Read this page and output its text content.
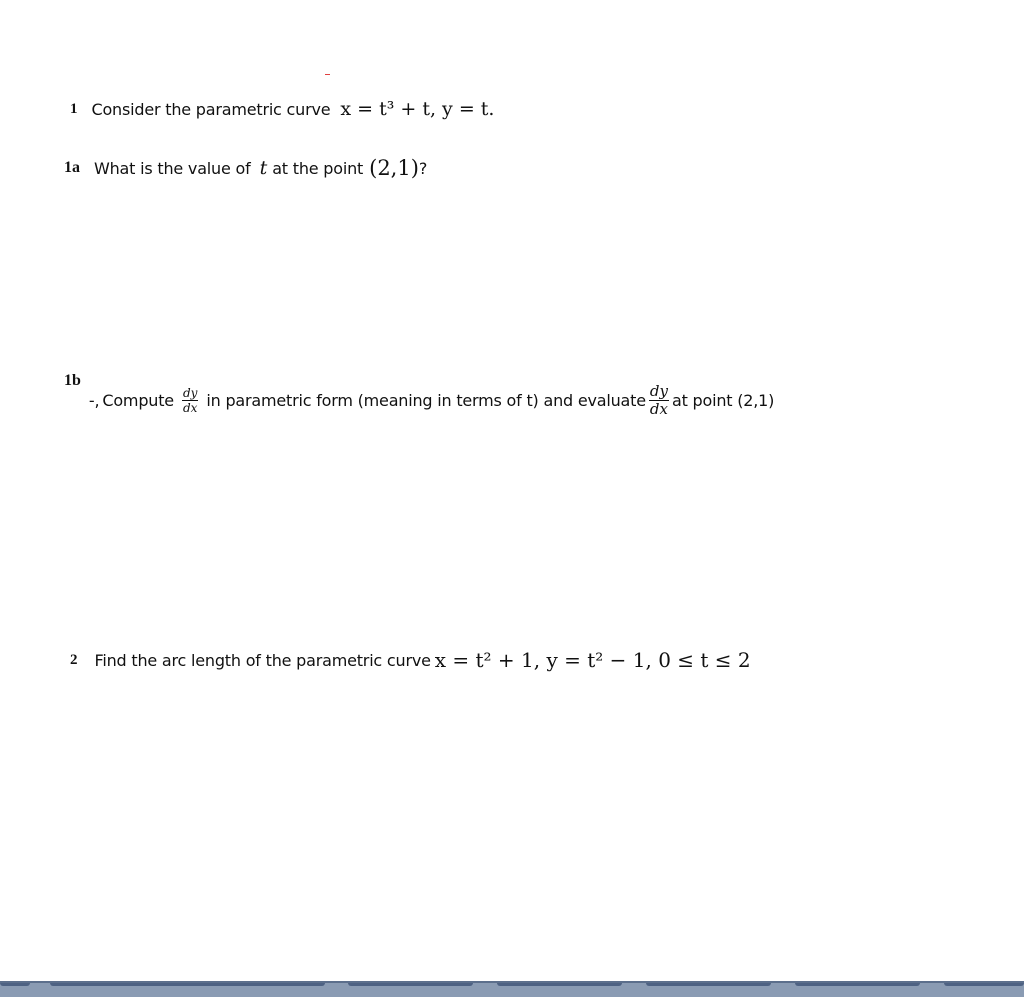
1 Consider the parametric curve x = t³ + t, y = t.
1a What is the value of t at the point (2,1) ?
1b
-, Compute $\frac{dy}{dx}$ in parametric form (meaning in terms of t) and evaluate $\frac{dy}{dx}$ at point (2,1)
2 Find the arc length of the parametric curve x = t² + 1, y = t² − 1, 0 ≤ t ≤ 2
